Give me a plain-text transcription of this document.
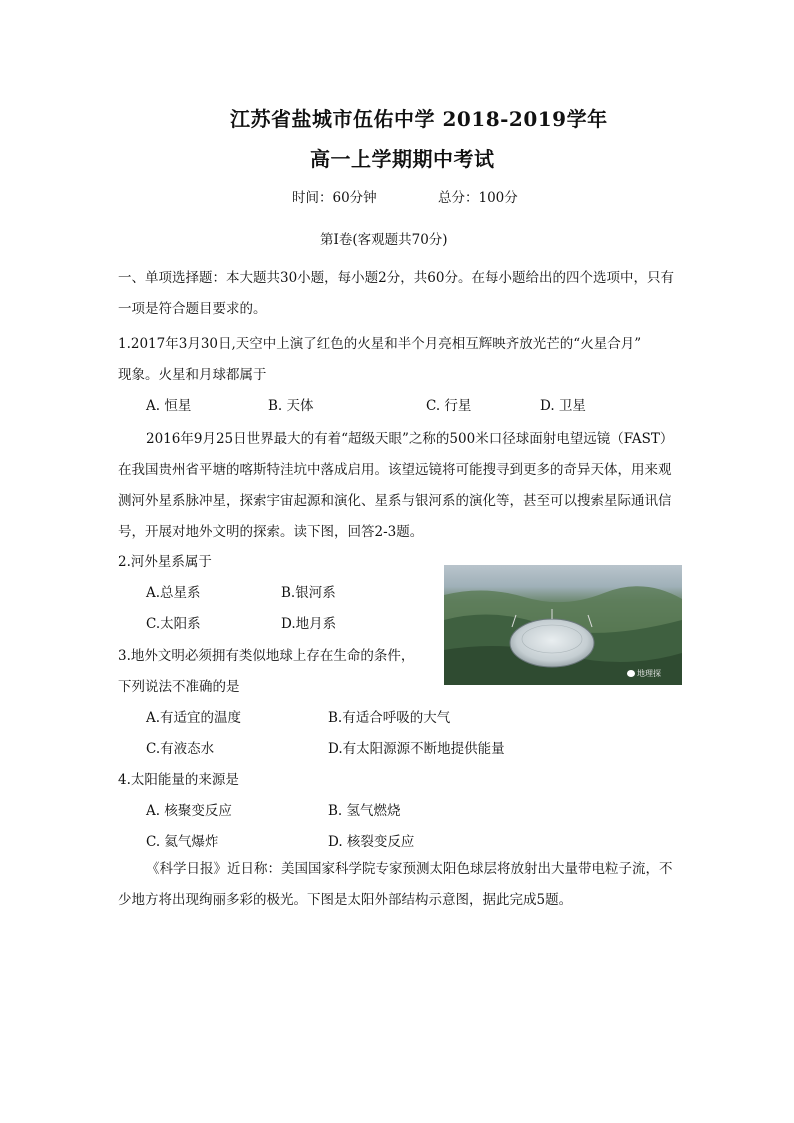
江苏省盐城市伍佑中学 2018-2019学年
高一上学期期中考试
时间：60分钟	总分：100分
第Ⅰ卷(客观题共70分)
一、单项选择题：本大题共30小题，每小题2分，共60分。在每小题给出的四个选项中，只有一项是符合题目要求的。
1.2017年3月30日,天空中上演了红色的火星和半个月亮相互辉映齐放光芒的“火星合月”
现象。火星和月球都属于
A. 恒星	B. 天体	C. 行星	D. 卫星
2016年9月25日世界最大的有着“超级天眼”之称的500米口径球面射电望远镜（FAST）在我国贵州省平塘的喀斯特洼坑中落成启用。该望远镜将可能搜寻到更多的奇异天体，用来观测河外星系脉冲星，探索宇宙起源和演化、星系与银河系的演化等，甚至可以搜索星际通讯信号，开展对地外文明的探索。读下图，回答2-3题。
2.河外星系属于
A.总星系	B.银河系
C.太阳系	D.地月系
地理探
3.地外文明必须拥有类似地球上存在生命的条件，
下列说法不准确的是
A.有适宜的温度	B.有适合呼吸的大气
C.有液态水	D.有太阳源源不断地提供能量
4.太阳能量的来源是
A. 核聚变反应	B. 氢气燃烧
C. 氦气爆炸	D. 核裂变反应
《科学日报》近日称：美国国家科学院专家预测太阳色球层将放射出大量带电粒子流，不少地方将出现绚丽多彩的极光。下图是太阳外部结构示意图，据此完成5题。
